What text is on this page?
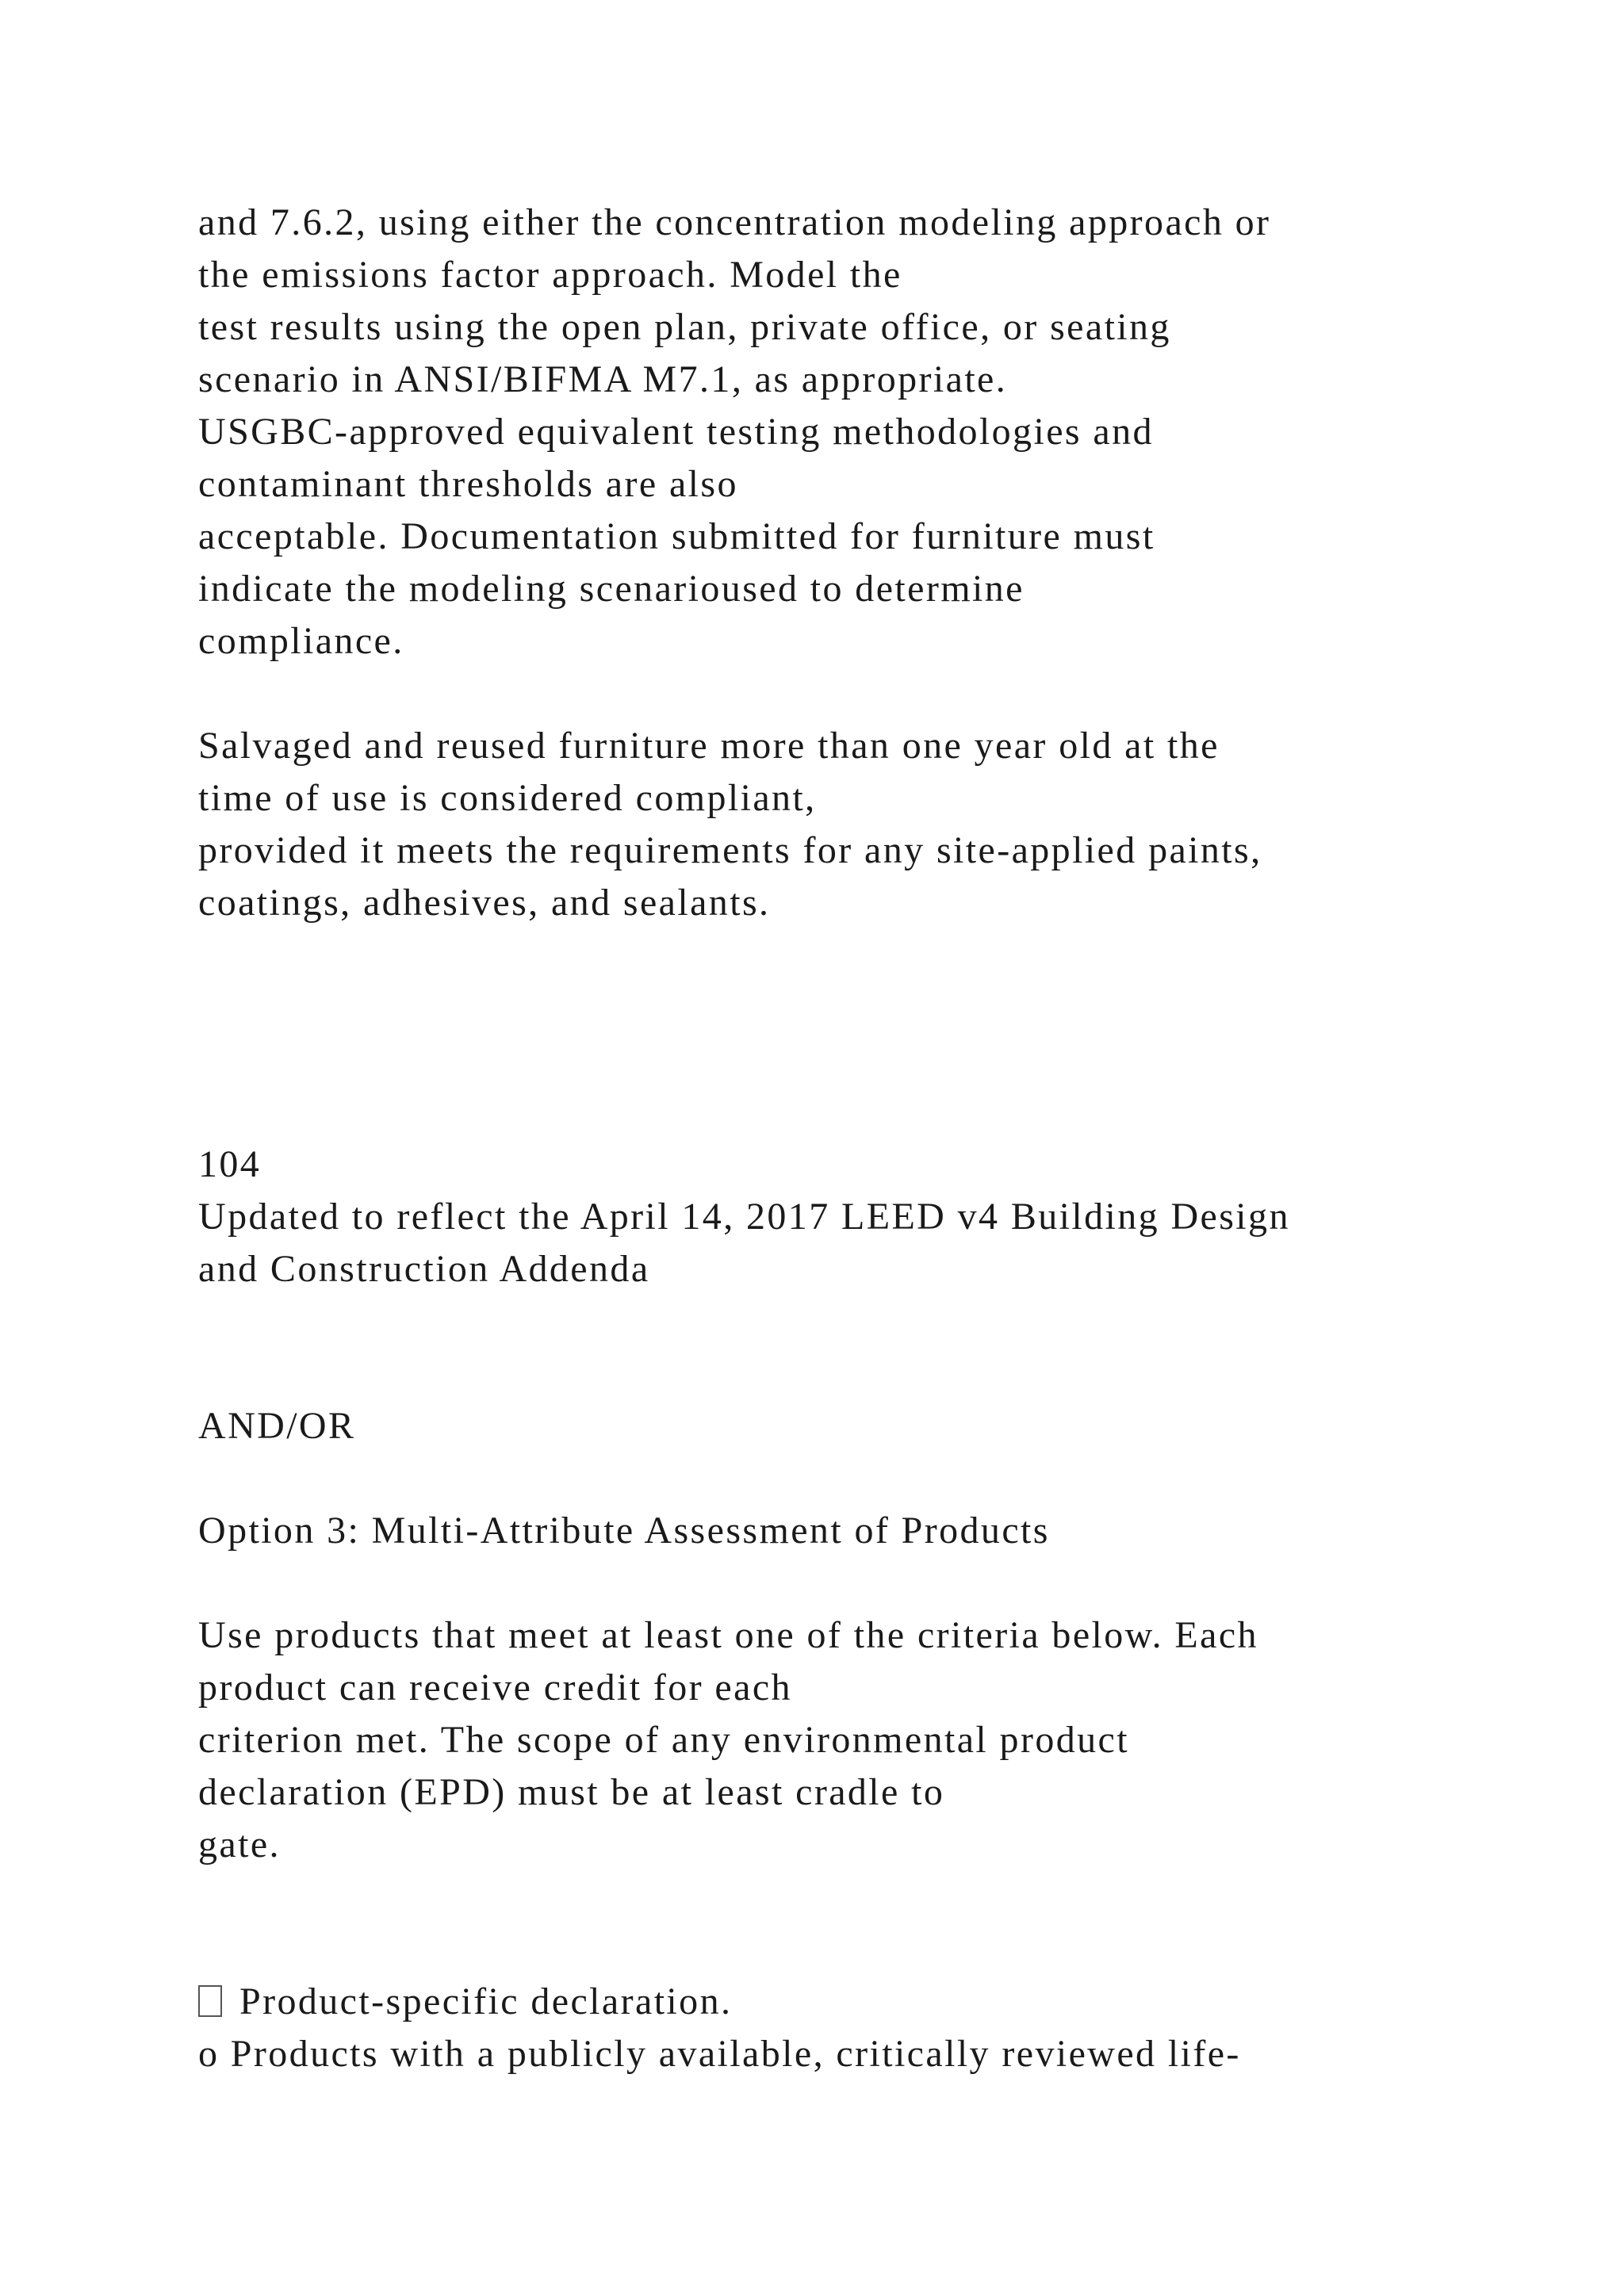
and 7.6.2, using either the concentration modeling approach or
the emissions factor approach. Model the
test results using the open plan, private office, or seating
scenario in ANSI/BIFMA M7.1, as appropriate.
USGBC-approved equivalent testing methodologies and
contaminant thresholds are also
acceptable. Documentation submitted for furniture must
indicate the modeling scenarioused to determine
compliance.
Salvaged and reused furniture more than one year old at the
time of use is considered compliant,
provided it meets the requirements for any site-applied paints,
coatings, adhesives, and sealants.
104
Updated to reflect the April 14, 2017 LEED v4 Building Design
and Construction Addenda
AND/OR
Option 3: Multi-Attribute Assessment of Products
Use products that meet at least one of the criteria below. Each
product can receive credit for each
criterion met. The scope of any environmental product
declaration (EPD) must be at least cradle to
gate.
Product-specific declaration.
o Products with a publicly available, critically reviewed life-
